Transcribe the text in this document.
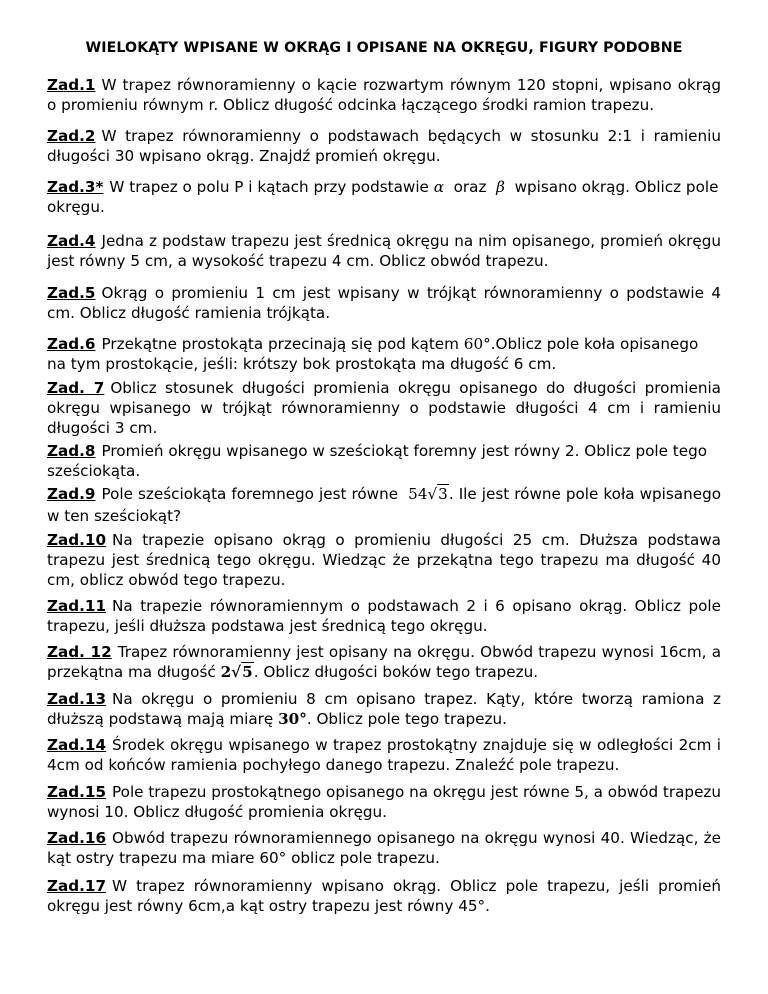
WIELOKĄTY WPISANE W OKRĄG I OPISANE NA OKRĘGU, FIGURY PODOBNE
Zad.1 W trapez równoramienny o kącie rozwartym równym 120 stopni, wpisano okrąg o promieniu równym r. Oblicz długość odcinka łączącego środki ramion trapezu.
Zad.2 W trapez równoramienny o podstawach będących w stosunku 2:1 i ramieniu długości 30 wpisano okrąg. Znajdź promień okręgu.
Zad.3* W trapez o polu P i kątach przy podstawie α oraz β wpisano okrąg. Oblicz pole okręgu.
Zad.4 Jedna z podstaw trapezu jest średnicą okręgu na nim opisanego, promień okręgu jest równy 5 cm, a wysokość trapezu 4 cm. Oblicz obwód trapezu.
Zad.5 Okrąg o promieniu 1 cm jest wpisany w trójkąt równoramienny o podstawie 4 cm. Oblicz długość ramienia trójkąta.
Zad.6 Przekątne prostokąta przecinają się pod kątem 60°.Oblicz pole koła opisanego na tym prostokącie, jeśli: krótszy bok prostokąta ma długość 6 cm.
Zad. 7 Oblicz stosunek długości promienia okręgu opisanego do długości promienia okręgu wpisanego w trójkąt równoramienny o podstawie długości 4 cm i ramieniu długości 3 cm.
Zad.8 Promień okręgu wpisanego w sześciokąt foremny jest równy 2. Oblicz pole tego sześciokąta.
Zad.9 Pole sześciokąta foremnego jest równe 54√3. Ile jest równe pole koła wpisanego w ten sześciokąt?
Zad.10 Na trapezie opisano okrąg o promieniu długości 25 cm. Dłuższa podstawa trapezu jest średnicą tego okręgu. Wiedząc że przekątna tego trapezu ma długość 40 cm, oblicz obwód tego trapezu.
Zad.11 Na trapezie równoramiennym o podstawach 2 i 6 opisano okrąg. Oblicz pole trapezu, jeśli dłuższa podstawa jest średnicą tego okręgu.
Zad. 12 Trapez równoramienny jest opisany na okręgu. Obwód trapezu wynosi 16cm, a przekątna ma długość 2√5. Oblicz długości boków tego trapezu.
Zad.13 Na okręgu o promieniu 8 cm opisano trapez. Kąty, które tworzą ramiona z dłuższą podstawą mają miarę 30°. Oblicz pole tego trapezu.
Zad.14 Środek okręgu wpisanego w trapez prostokątny znajduje się w odległości 2cm i 4cm od końców ramienia pochyłego danego trapezu. Znaleźć pole trapezu.
Zad.15 Pole trapezu prostokątnego opisanego na okręgu jest równe 5, a obwód trapezu wynosi 10. Oblicz długość promienia okręgu.
Zad.16 Obwód trapezu równoramiennego opisanego na okręgu wynosi 40. Wiedząc, że kąt ostry trapezu ma miare 60° oblicz pole trapezu.
Zad.17 W trapez równoramienny wpisano okrąg. Oblicz pole trapezu, jeśli promień okręgu jest równy 6cm,a kąt ostry trapezu jest równy 45°.
